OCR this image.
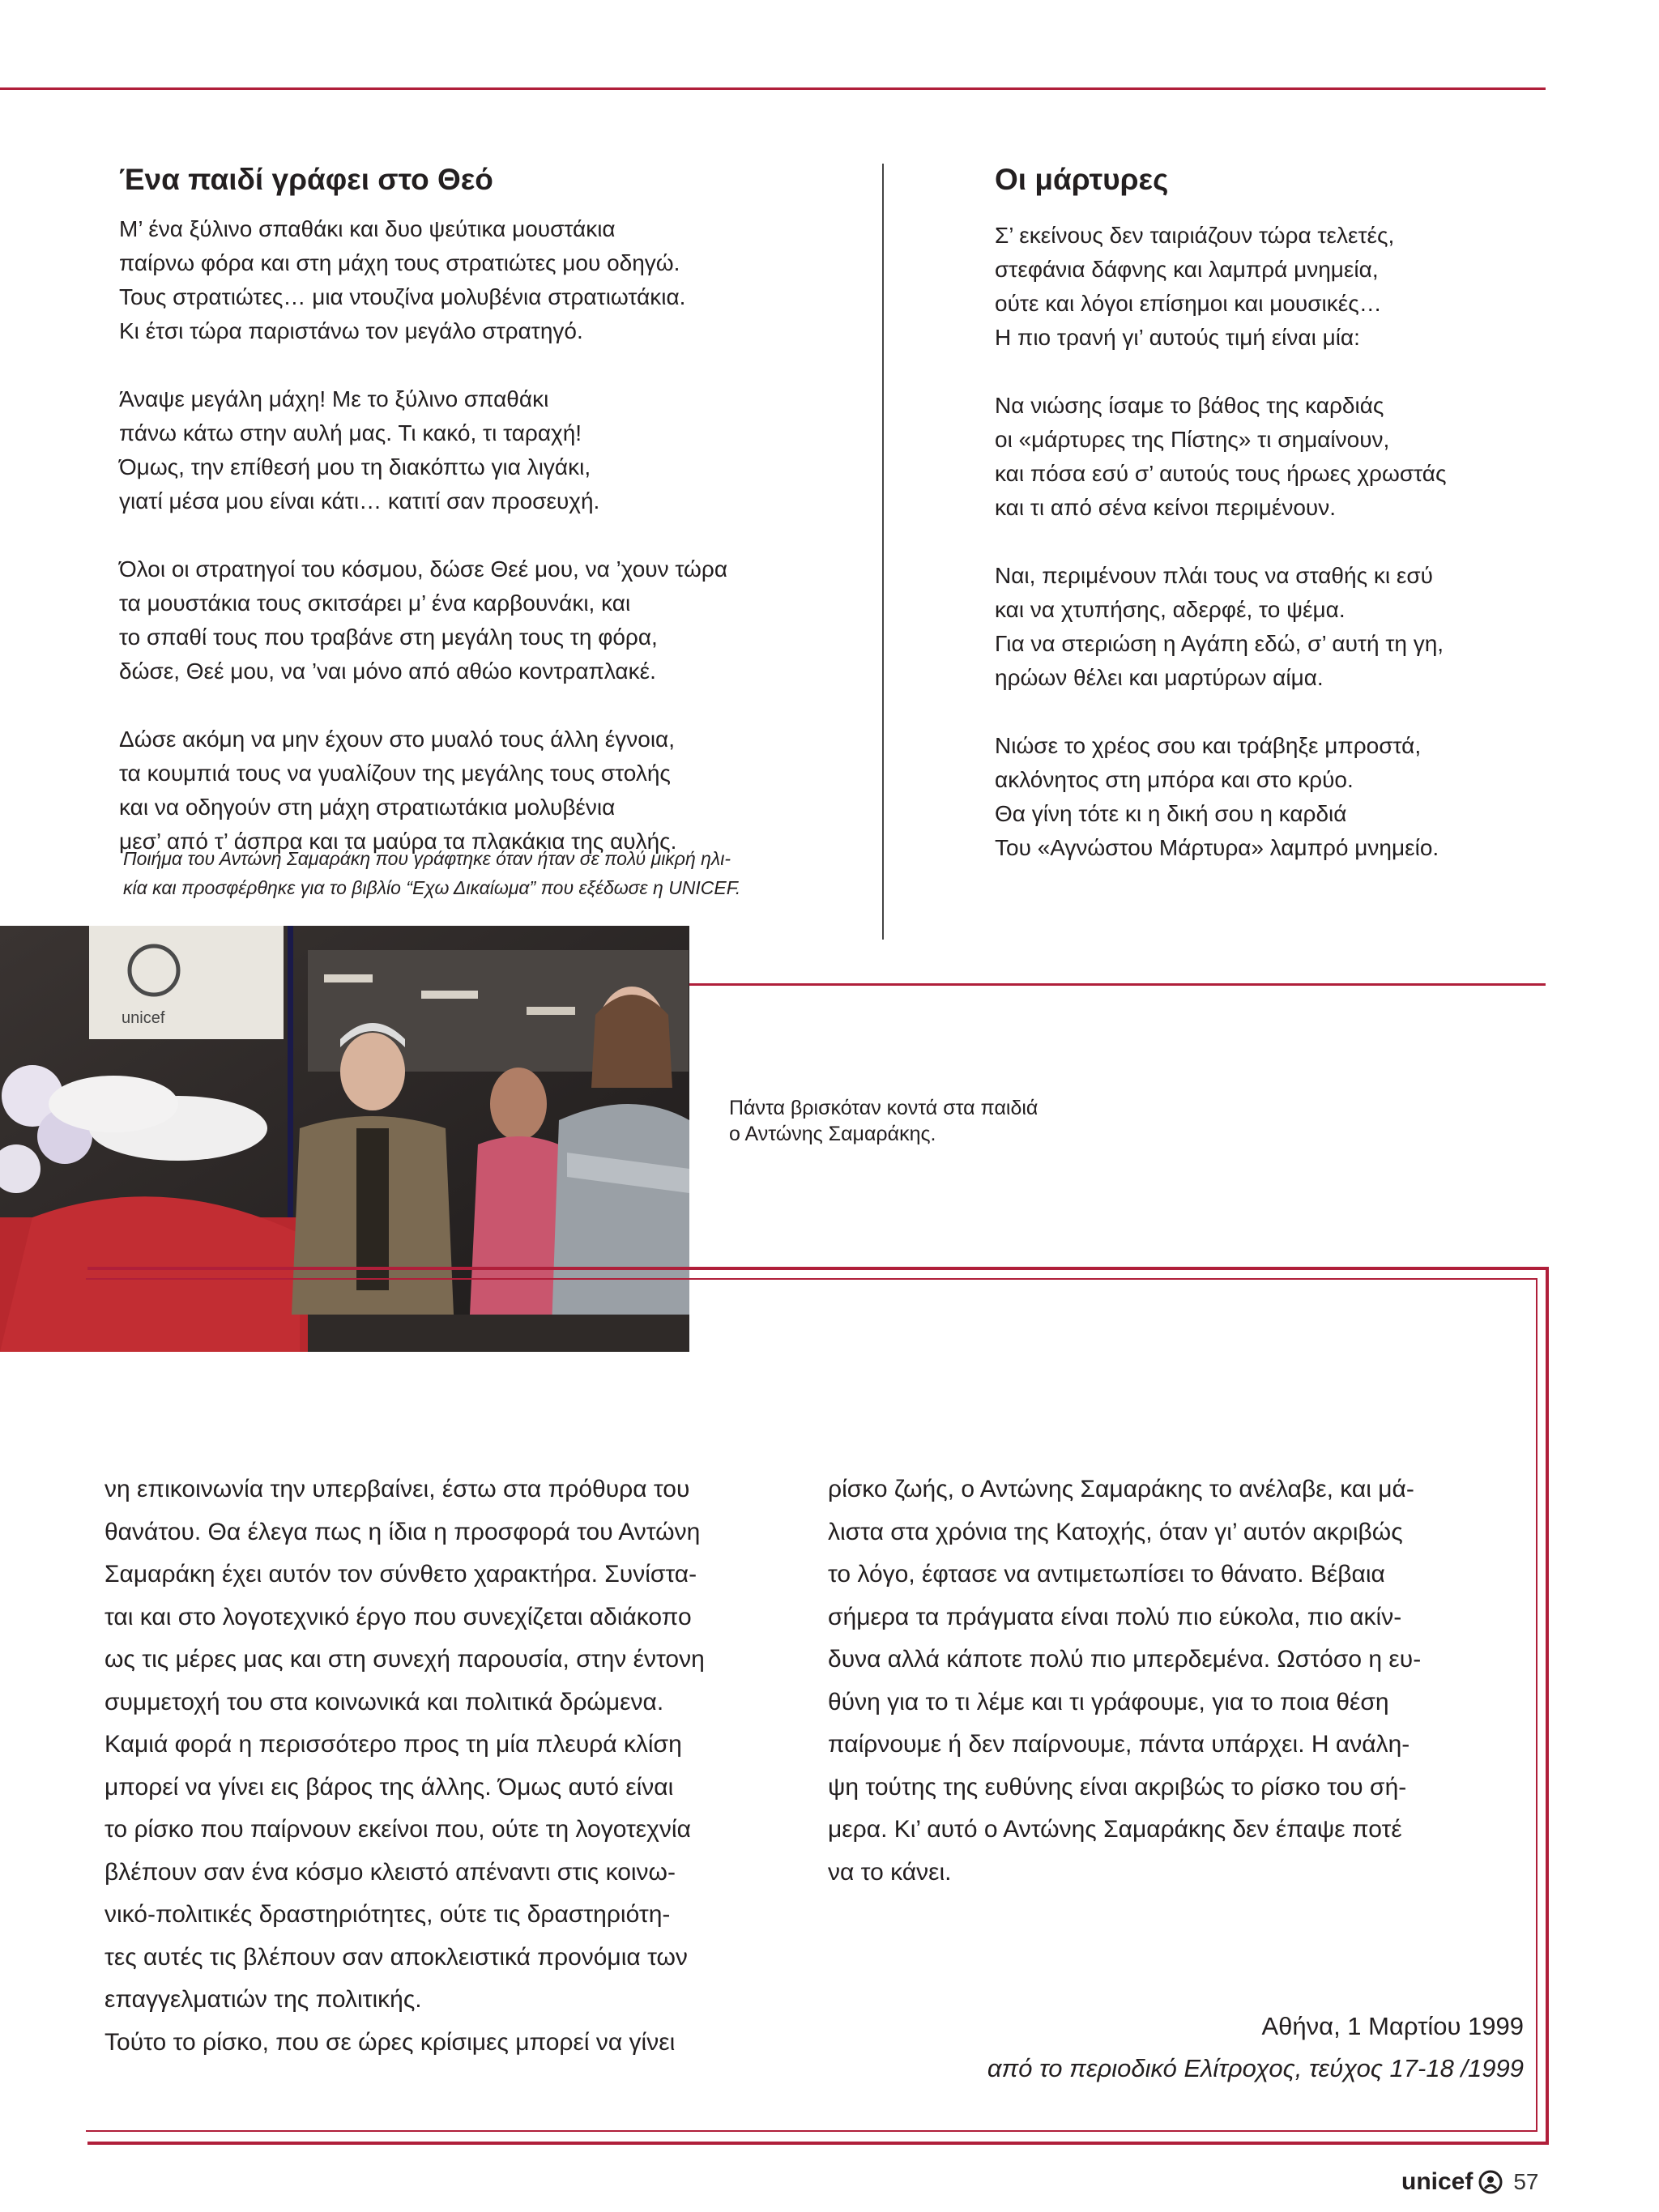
Ένα παιδί γράφει στο Θεό
Μ’ ένα ξύλινο σπαθάκι και δυο ψεύτικα μουστάκια
παίρνω φόρα και στη μάχη τους στρατιώτες μου οδηγώ.
Τους στρατιώτες… μια ντουζίνα μολυβένια στρατιωτάκια.
Κι έτσι τώρα παριστάνω τον μεγάλο στρατηγό.
Άναψε μεγάλη μάχη! Με το ξύλινο σπαθάκι
πάνω κάτω στην αυλή μας. Τι κακό, τι ταραχή!
Όμως, την επίθεσή μου τη διακόπτω για λιγάκι,
γιατί μέσα μου είναι κάτι… κατιτί σαν προσευχή.
Όλοι οι στρατηγοί του κόσμου, δώσε Θεέ μου, να ’χουν τώρα
τα μουστάκια τους σκιτσάρει μ’ ένα καρβουνάκι, και
το σπαθί τους που τραβάνε στη μεγάλη τους τη φόρα,
δώσε, Θεέ μου, να ’ναι μόνο από αθώο κοντραπλακέ.
Δώσε ακόμη να μην έχουν στο μυαλό τους άλλη έγνοια,
τα κουμπιά τους να γυαλίζουν της μεγάλης τους στολής
και να οδηγούν στη μάχη στρατιωτάκια μολυβένια
μεσ’ από τ’ άσπρα και τα μαύρα τα πλακάκια της αυλής.
Ποιήμα του Αντώνη Σαμαράκη που γράφτηκε όταν ήταν σε πολύ μικρή ηλι-
κία και προσφέρθηκε για το βιβλίο “Εχω Δικαίωμα” που εξέδωσε η UNICEF.
Οι μάρτυρες
Σ’ εκείνους δεν ταιριάζουν τώρα τελετές,
στεφάνια δάφνης και λαμπρά μνημεία,
ούτε και λόγοι επίσημοι και μουσικές…
Η πιο τρανή γι’ αυτούς τιμή είναι μία:
Να νιώσης ίσαμε το βάθος της καρδιάς
οι «μάρτυρες της Πίστης» τι σημαίνουν,
και πόσα εσύ σ’ αυτούς τους ήρωες χρωστάς
και τι από σένα κείνοι περιμένουν.
Ναι, περιμένουν πλάι τους να σταθής κι εσύ
και να χτυπήσης, αδερφέ, το ψέμα.
Για να στεριώση η Αγάπη εδώ, σ’ αυτή τη γη,
ηρώων θέλει και μαρτύρων αίμα.
Νιώσε το χρέος σου και τράβηξε μπροστά,
ακλόνητος στη μπόρα και στο κρύο.
Θα γίνη τότε κι η δική σου η καρδιά
Του «Αγνώστου Μάρτυρα» λαμπρό μνημείο.
unicef
Πάντα βρισκόταν κοντά στα παιδιά
ο Αντώνης Σαμαράκης.
νη επικοινωνία την υπερβαίνει, έστω στα πρόθυρα του
θανάτου. Θα έλεγα πως η ίδια η προσφορά του Αντώνη
Σαμαράκη έχει αυτόν τον σύνθετο χαρακτήρα. Συνίστα-
ται και στο λογοτεχνικό έργο που συνεχίζεται αδιάκοπο
ως τις μέρες μας και στη συνεχή παρουσία, στην έντονη
συμμετοχή του στα κοινωνικά και πολιτικά δρώμενα.
Καμιά φορά η περισσότερο προς τη μία πλευρά κλίση
μπορεί να γίνει εις βάρος της άλλης. Όμως αυτό είναι
το ρίσκο που παίρνουν εκείνοι που, ούτε τη λογοτεχνία
βλέπουν σαν ένα κόσμο κλειστό απέναντι στις κοινω-
νικό-πολιτικές δραστηριότητες, ούτε τις δραστηριότη-
τες αυτές τις βλέπουν σαν αποκλειστικά προνόμια των
επαγγελματιών της πολιτικής.
Τούτο το ρίσκο, που σε ώρες κρίσιμες μπορεί να γίνει
ρίσκο ζωής, ο Αντώνης Σαμαράκης το ανέλαβε, και μά-
λιστα στα χρόνια της Κατοχής, όταν γι’ αυτόν ακριβώς
το λόγο, έφτασε να αντιμετωπίσει το θάνατο. Βέβαια
σήμερα τα πράγματα είναι πολύ πιο εύκολα, πιο ακίν-
δυνα αλλά κάποτε πολύ πιο μπερδεμένα. Ωστόσο η ευ-
θύνη για το τι λέμε και τι γράφουμε, για το ποια θέση
παίρνουμε ή δεν παίρνουμε, πάντα υπάρχει. Η ανάλη-
ψη τούτης της ευθύνης είναι ακριβώς το ρίσκο του σή-
μερα. Κι’ αυτό ο Αντώνης Σαμαράκης δεν έπαψε ποτέ
να το κάνει.
Αθήνα, 1 Μαρτίου 1999
από το περιοδικό Ελίτροχος, τεύχος 17-18 /1999
unicef 57
